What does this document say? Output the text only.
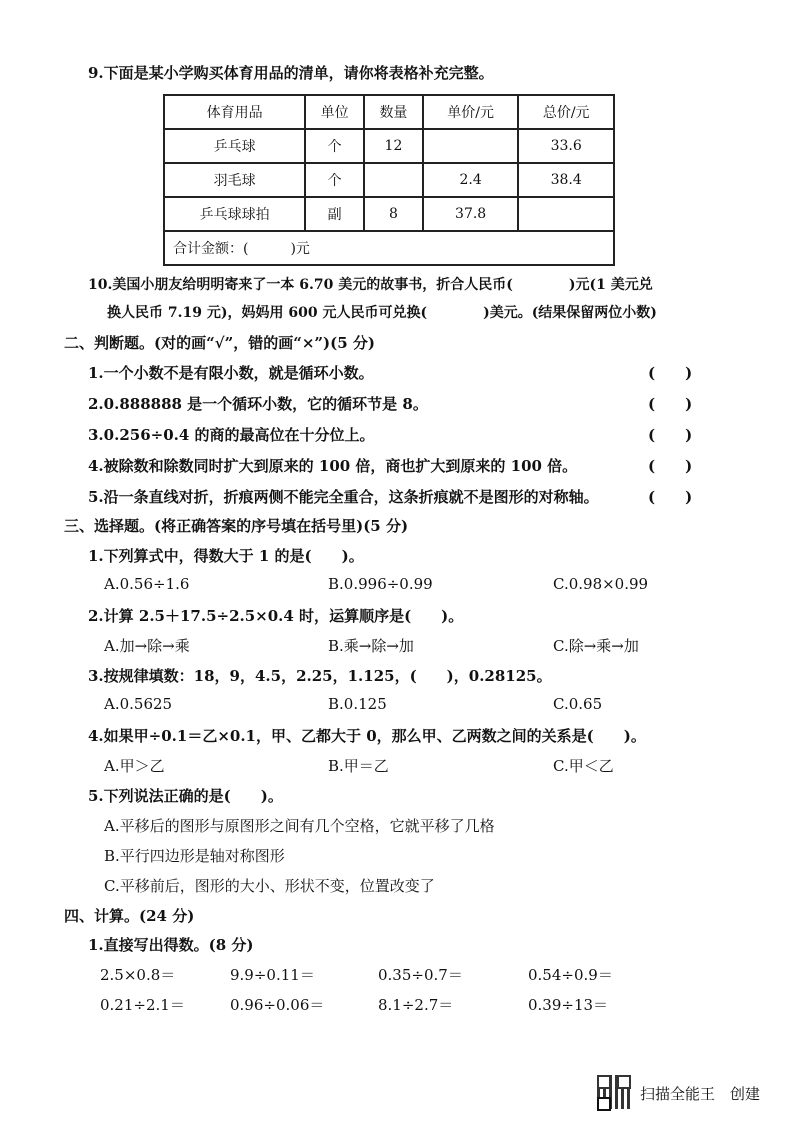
9.下面是某小学购买体育用品的清单，请你将表格补充完整。
体育用品	单位	数量	单价/元	总价/元
乒乓球	个	12		33.6
羽毛球	个		2.4	38.4
乒乓球球拍	副	8	37.8	
合计金额：(　　　)元				
10.美国小朋友给明明寄来了一本 6.70 美元的故事书，折合人民币(　　　　)元(1 美元兑
换人民币 7.19 元)，妈妈用 600 元人民币可兑换(　　　　)美元。(结果保留两位小数)
二、判断题。(对的画“√”，错的画“×”)(5 分)
1.一个小数不是有限小数，就是循环小数。
2.0.888888 是一个循环小数，它的循环节是 8。
3.0.256÷0.4 的商的最高位在十分位上。
4.被除数和除数同时扩大到原来的 100 倍，商也扩大到原来的 100 倍。
5.沿一条直线对折，折痕两侧不能完全重合，这条折痕就不是图形的对称轴。
(　　)
(　　)
(　　)
(　　)
(　　)
三、选择题。(将正确答案的序号填在括号里)(5 分)
1.下列算式中，得数大于 1 的是(　　)。
A.0.56÷1.6	B.0.996÷0.99	C.0.98×0.99
2.计算 2.5＋17.5÷2.5×0.4 时，运算顺序是(　　)。
A.加→除→乘	B.乘→除→加	C.除→乘→加
3.按规律填数：18，9，4.5，2.25，1.125，(　　)，0.28125。
A.0.5625	B.0.125	C.0.65
4.如果甲÷0.1＝乙×0.1，甲、乙都大于 0，那么甲、乙两数之间的关系是(　　)。
A.甲＞乙	B.甲＝乙	C.甲＜乙
5.下列说法正确的是(　　)。
A.平移后的图形与原图形之间有几个空格，它就平移了几格
B.平行四边形是轴对称图形
C.平移前后，图形的大小、形状不变，位置改变了
四、计算。(24 分)
1.直接写出得数。(8 分)
2.5×0.8＝	9.9÷0.11＝	0.35÷0.7＝	0.54÷0.9＝
0.21÷2.1＝	0.96÷0.06＝	8.1÷2.7＝	0.39÷13＝
扫描全能王　创建
